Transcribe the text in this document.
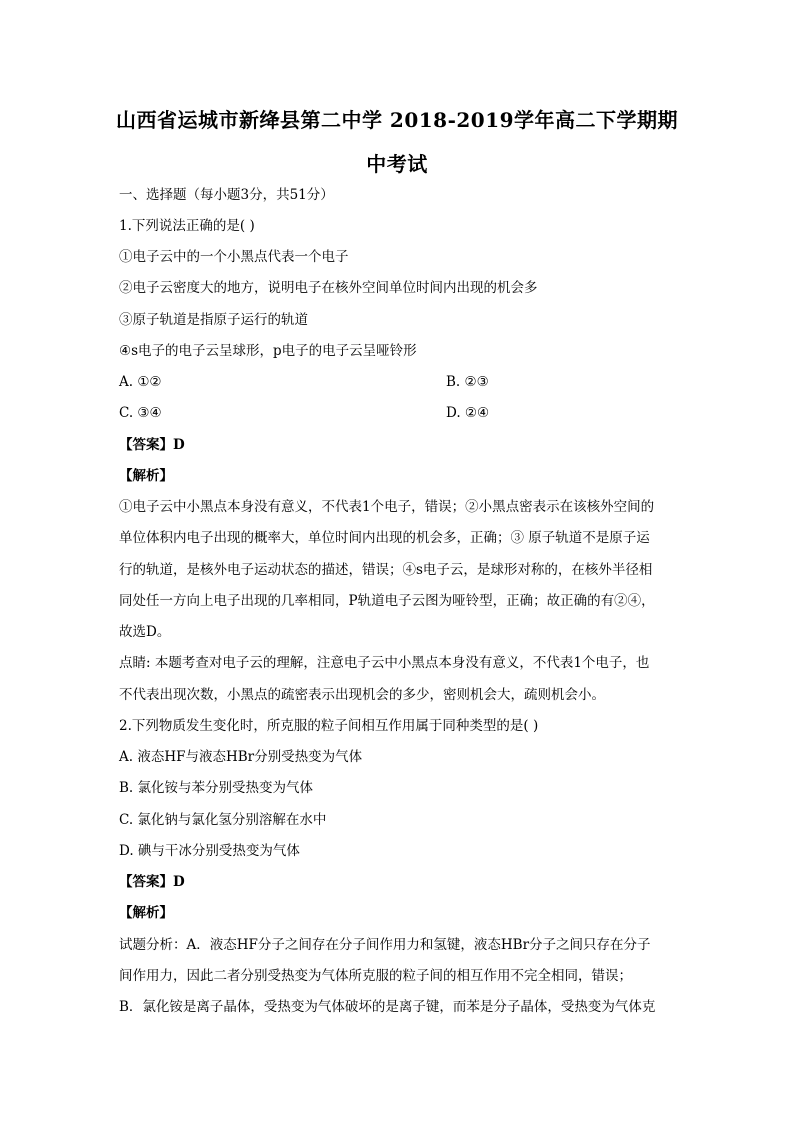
山西省运城市新绛县第二中学 2018-2019学年高二下学期期
中考试
一、选择题（每小题3分，共51分）
1.下列说法正确的是( )
①电子云中的一个小黑点代表一个电子
②电子云密度大的地方，说明电子在核外空间单位时间内出现的机会多
③原子轨道是指原子运行的轨道
④s电子的电子云呈球形，p电子的电子云呈哑铃形
A. ①②	B. ②③
C. ③④	D. ②④
【答案】D
【解析】
①电子云中小黑点本身没有意义，不代表1个电子，错误；②小黑点密表示在该核外空间的
单位体积内电子出现的概率大，单位时间内出现的机会多，正确；③ 原子轨道不是原子运
行的轨道，是核外电子运动状态的描述，错误；④s电子云，是球形对称的，在核外半径相
同处任一方向上电子出现的几率相同，P轨道电子云图为哑铃型，正确；故正确的有②④，
故选D。
点睛: 本题考查对电子云的理解，注意电子云中小黑点本身没有意义，不代表1个电子，也
不代表出现次数，小黑点的疏密表示出现机会的多少，密则机会大，疏则机会小。
2.下列物质发生变化时，所克服的粒子间相互作用属于同种类型的是( )
A. 液态HF与液态HBr分别受热变为气体
B. 氯化铵与苯分别受热变为气体
C. 氯化钠与氯化氢分别溶解在水中
D. 碘与干冰分别受热变为气体
【答案】D
【解析】
试题分析：A．液态HF分子之间存在分子间作用力和氢键，液态HBr分子之间只存在分子
间作用力，因此二者分别受热变为气体所克服的粒子间的相互作用不完全相同，错误；
B．氯化铵是离子晶体，受热变为气体破坏的是离子键，而苯是分子晶体，受热变为气体克
